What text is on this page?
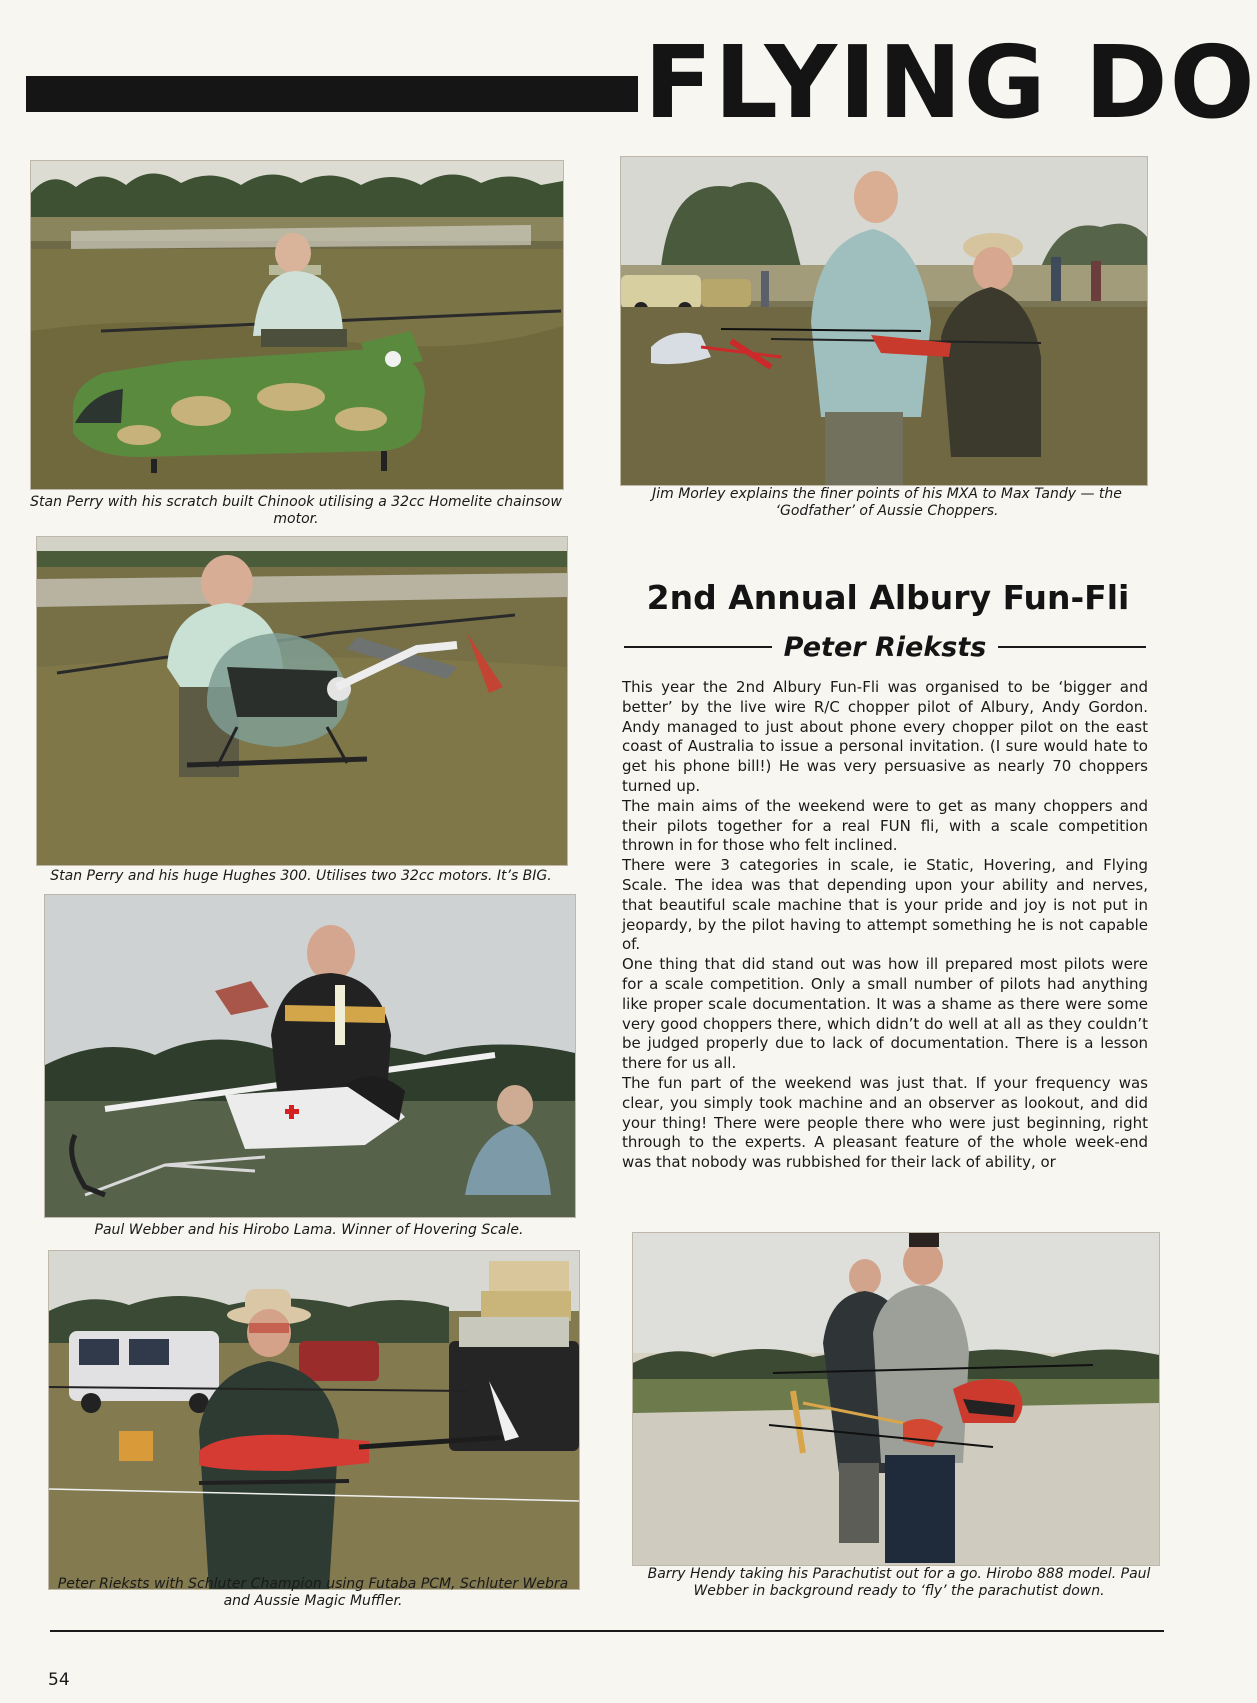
FLYING DO
Stan Perry with his scratch built Chinook utilising a 32cc Homelite chainsow motor.
Jim Morley explains the finer points of his MXA to Max Tandy — the ‘Godfather’ of Aussie Choppers.
Stan Perry and his huge Hughes 300. Utilises two 32cc motors. It’s BIG.
Paul Webber and his Hirobo Lama. Winner of Hovering Scale.
Peter Rieksts with Schluter Champion using Futaba PCM, Schluter Webra and Aussie Magic Muffler.
Barry Hendy taking his Parachutist out for a go. Hirobo 888 model. Paul Webber in background ready to ‘fly’ the parachutist down.
2nd Annual Albury Fun-Fli
Peter Rieksts

This year the 2nd Albury Fun-Fli was organised to be ‘bigger and better’ by the live wire R/C chopper pilot of Albury, Andy Gordon. Andy managed to just about phone every chopper pilot on the east coast of Australia to issue a personal invitation. (I sure would hate to get his phone bill!) He was very persuasive as nearly 70 choppers turned up.

The main aims of the weekend were to get as many choppers and their pilots together for a real FUN fli, with a scale competition thrown in for those who felt inclined.

There were 3 categories in scale, ie Static, Hovering, and Flying Scale. The idea was that depending upon your ability and nerves, that beautiful scale machine that is your pride and joy is not put in jeopardy, by the pilot having to attempt something he is not capable of.

One thing that did stand out was how ill prepared most pilots were for a scale competition. Only a small number of pilots had anything like proper scale documentation. It was a shame as there were some very good choppers there, which didn’t do well at all as they couldn’t be judged properly due to lack of documentation. There is a lesson there for us all.

The fun part of the weekend was just that. If your frequency was clear, you simply took machine and an observer as lookout, and did your thing! There were people there who were just beginning, right through to the experts. A pleasant feature of the whole week-end was that nobody was rubbished for their lack of ability, or

54
